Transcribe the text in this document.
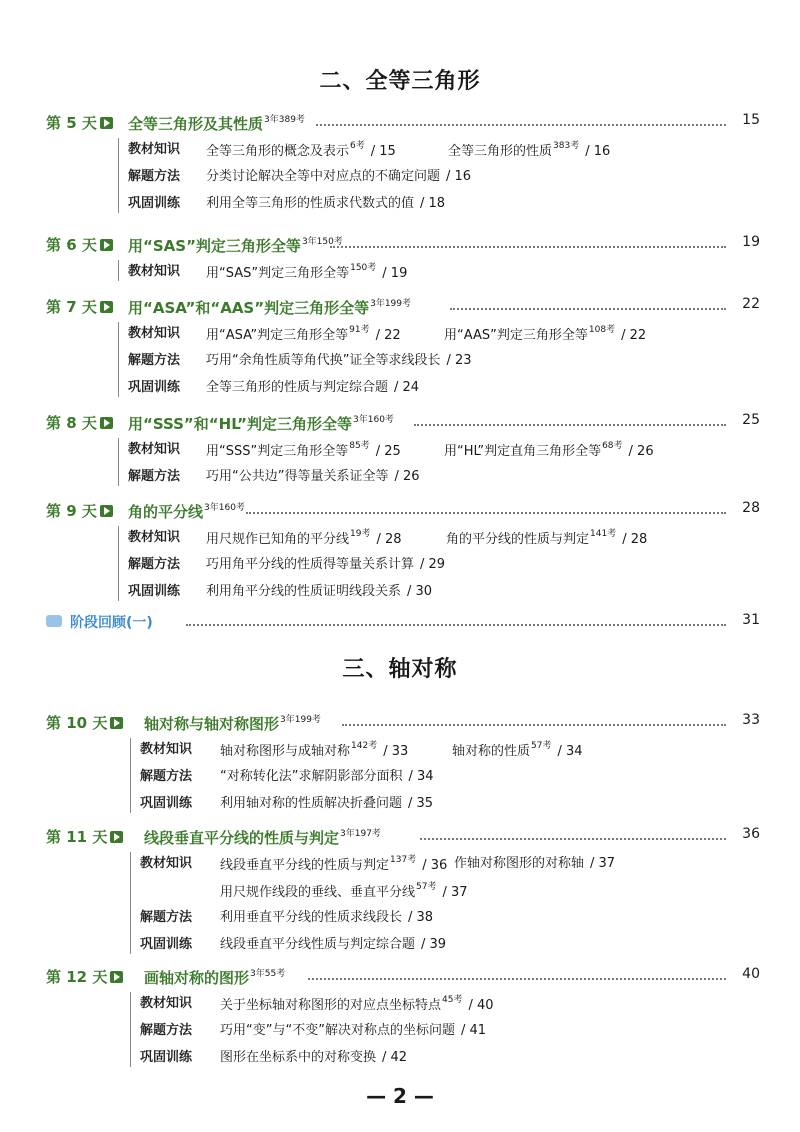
二、全等三角形
三、轴对称
第 5 天	全等三角形及其性质$^{3年389考}$	15
教材知识 全等三角形的概念及表示$^{6考}$ / 15	全等三角形的性质$^{383考}$ / 16
解题方法 分类讨论解决全等中对应点的不确定问题 / 16
巩固训练 利用全等三角形的性质求代数式的值 / 18
第 6 天	用“SAS”判定三角形全等$^{3年150考}$	19
教材知识 用“SAS”判定三角形全等$^{150考}$ / 19
第 7 天	用“ASA”和“AAS”判定三角形全等$^{3年199考}$	22
教材知识 用“ASA”判定三角形全等$^{91考}$ / 22	用“AAS”判定三角形全等$^{108考}$ / 22
解题方法 巧用“余角性质等角代换”证全等求线段长 / 23
巩固训练 全等三角形的性质与判定综合题 / 24
第 8 天	用“SSS”和“HL”判定三角形全等$^{3年160考}$	25
教材知识 用“SSS”判定三角形全等$^{85考}$ / 25	用“HL”判定直角三角形全等$^{68考}$ / 26
解题方法 巧用“公共边”得等量关系证全等 / 26
第 9 天	角的平分线$^{3年160考}$	28
教材知识 用尺规作已知角的平分线$^{19考}$ / 28	角的平分线的性质与判定$^{141考}$ / 28
解题方法 巧用角平分线的性质得等量关系计算 / 29
巩固训练 利用角平分线的性质证明线段关系 / 30
第 10 天	轴对称与轴对称图形$^{3年199考}$	33
教材知识 轴对称图形与成轴对称$^{142考}$ / 33	轴对称的性质$^{57考}$ / 34
解题方法 “对称转化法”求解阴影部分面积 / 34
巩固训练 利用轴对称的性质解决折叠问题 / 35
第 11 天	线段垂直平分线的性质与判定$^{3年197考}$	36
教材知识 线段垂直平分线的性质与判定$^{137考}$ / 36 作轴对称图形的对称轴 / 37
用尺规作线段的垂线、垂直平分线$^{57考}$ / 37
解题方法 利用垂直平分线的性质求线段长 / 38
巩固训练 线段垂直平分线性质与判定综合题 / 39
第 12 天	画轴对称的图形$^{3年55考}$	40
教材知识 关于坐标轴对称图形的对应点坐标特点$^{45考}$ / 40
解题方法 巧用“变”与“不变”解决对称点的坐标问题 / 41
巩固训练 图形在坐标系中的对称变换 / 42
阶段回顾(一)	31
— 2 —
